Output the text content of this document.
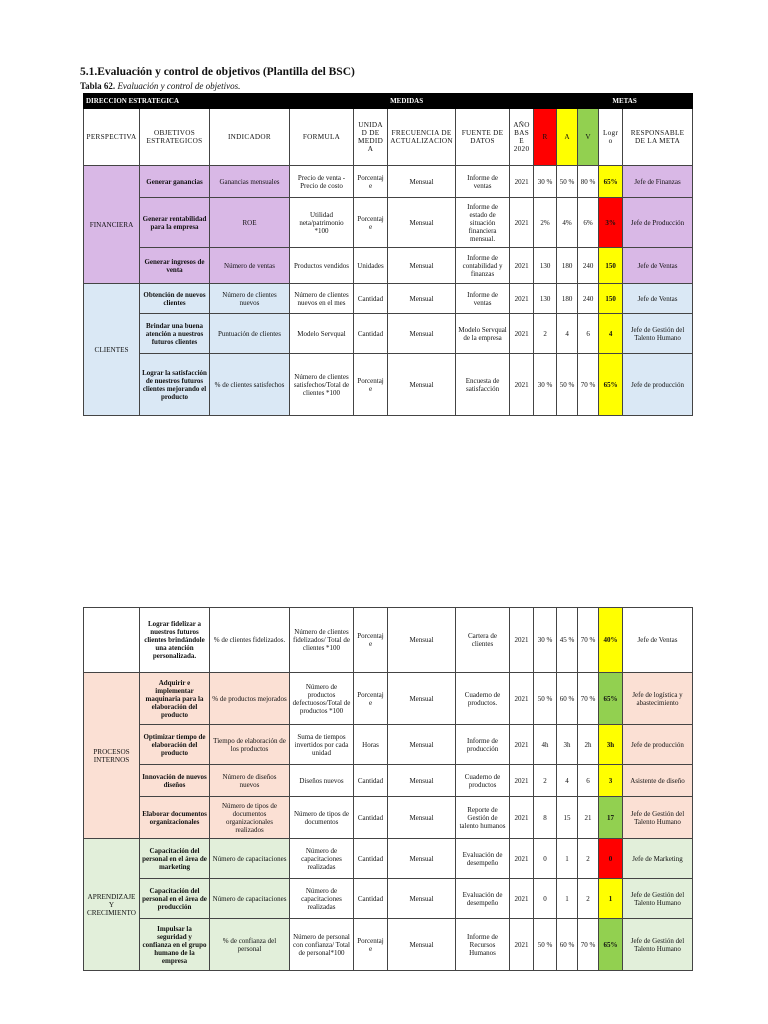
5.1.Evaluación y control de objetivos (Plantilla del BSC)
Tabla 62. Evaluación y control de objetivos.
DIRECCION ESTRATEGICA					MEDIDAS				METAS			
PERSPECTIVA	OBJETIVOS ESTRATEGICOS	INDICADOR	FORMULA	UNIDAD DE MEDIDA	FRECUENCIA DE ACTUALIZACION	FUENTE DE DATOS	AÑO BASE 2020	R	A	V	Logro	RESPONSABLE DE LA META
FINANCIERA	Generar ganancias	Ganancias mensuales	Precio de venta - Precio de costo	Porcentaje	Mensual	Informe de ventas	2021	30 %	50 %	80 %	65%	Jefe de Finanzas
	Generar rentabilidad para la empresa	ROE	Utilidad neta/patrimonio *100	Porcentaje	Mensual	Informe de estado de situación financiera mensual.	2021	2%	4%	6%	3%	Jefe de Producción
	Generar ingresos de venta	Número de ventas	Productos vendidos	Unidades	Mensual	Informe de contabilidad y finanzas	2021	130	180	240	150	Jefe de Ventas
CLIENTES	Obtención de nuevos clientes	Número de clientes nuevos	Número de clientes nuevos en el mes	Cantidad	Mensual	Informe de ventas	2021	130	180	240	150	Jefe de Ventas
	Brindar una buena atención a nuestros futuros clientes	Puntuación de clientes	Modelo Servqual	Cantidad	Mensual	Modelo Servqual de la empresa	2021	2	4	6	4	Jefe de Gestión del Talento Humano
	Lograr la satisfacción de nuestros futuros clientes mejorando el producto	% de clientes satisfechos	Número de clientes satisfechos/Total de clientes *100	Porcentaje	Mensual	Encuesta de satisfacción	2021	30 %	50 %	70 %	65%	Jefe de producción
	Lograr fidelizar a nuestros futuros clientes brindándole una atención personalizada.	% de clientes fidelizados.	Número de clientes fidelizados/ Total de clientes *100	Porcentaje	Mensual	Cartera de clientes	2021	30 %	45 %	70 %	40%	Jefe de Ventas
PROCESOS INTERNOS	Adquirir e implementar maquinaria para la elaboración del producto	% de productos mejorados	Número de productos defectuosos/Total de productos *100	Porcentaje	Mensual	Cuaderno de productos.	2021	50 %	60 %	70 %	65%	Jefe de logística y abastecimiento
	Optimizar tiempo de elaboración del producto	Tiempo de elaboración de los productos	Suma de tiempos invertidos por cada unidad	Horas	Mensual	Informe de producción	2021	4h	3h	2h	3h	Jefe de producción
	Innovación de nuevos diseños	Número de diseños nuevos	Diseños nuevos	Cantidad	Mensual	Cuaderno de productos	2021	2	4	6	3	Asistente de diseño
	Elaborar documentos organizacionales	Número de tipos de documentos organizacionales realizados	Número de tipos de documentos	Cantidad	Mensual	Reporte de Gestión de talento humanos	2021	8	15	21	17	Jefe de Gestión del Talento Humano
APRENDIZAJE Y CRECIMIENTO	Capacitación del personal en el área de marketing	Número de capacitaciones	Número de capacitaciones realizadas	Cantidad	Mensual	Evaluación de desempeño	2021	0	1	2	0	Jefe de Marketing
	Capacitación del personal en el área de producción	Número de capacitaciones	Número de capacitaciones realizadas	Cantidad	Mensual	Evaluación de desempeño	2021	0	1	2	1	Jefe de Gestión del Talento Humano
	Impulsar la seguridad y confianza en el grupo humano de la empresa	% de confianza del personal	Número de personal con confianza/ Total de personal*100	Porcentaje	Mensual	Informe de Recursos Humanos	2021	50 %	60 %	70 %	65%	Jefe de Gestión del Talento Humano
